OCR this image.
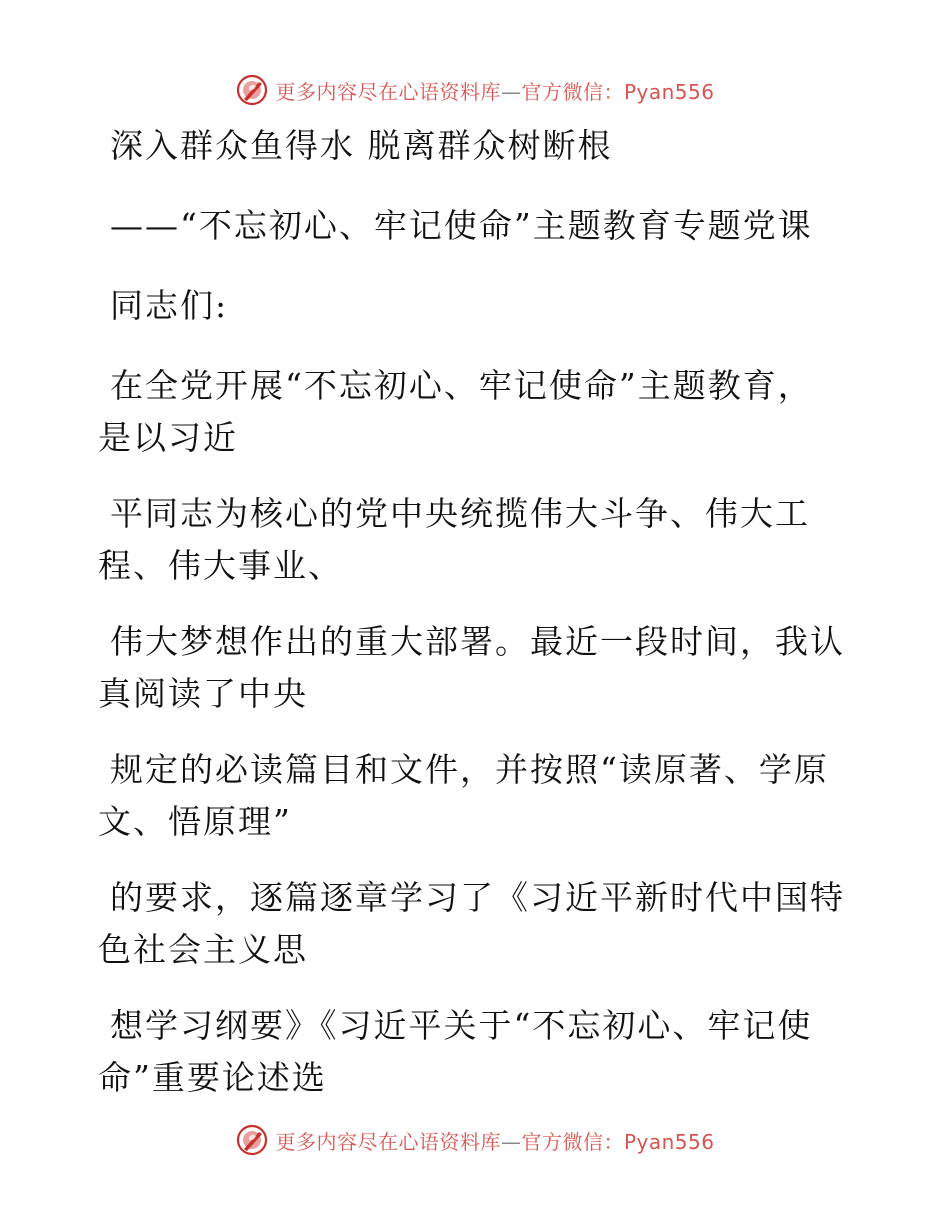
更多内容尽在心语资料库—官方微信：Pyan556
深入群众鱼得水 脱离群众树断根
——“不忘初心、牢记使命”主题教育专题党课
同志们:
在全党开展“不忘初心、牢记使命”主题教育，
是以习近
平同志为核心的党中央统揽伟大斗争、伟大工
程、伟大事业、
伟大梦想作出的重大部署。最近一段时间，我认
真阅读了中央
规定的必读篇目和文件，并按照“读原著、学原
文、悟原理”
的要求，逐篇逐章学习了《习近平新时代中国特
色社会主义思
想学习纲要》《习近平关于“不忘初心、牢记使
命”重要论述选
更多内容尽在心语资料库—官方微信：Pyan556
